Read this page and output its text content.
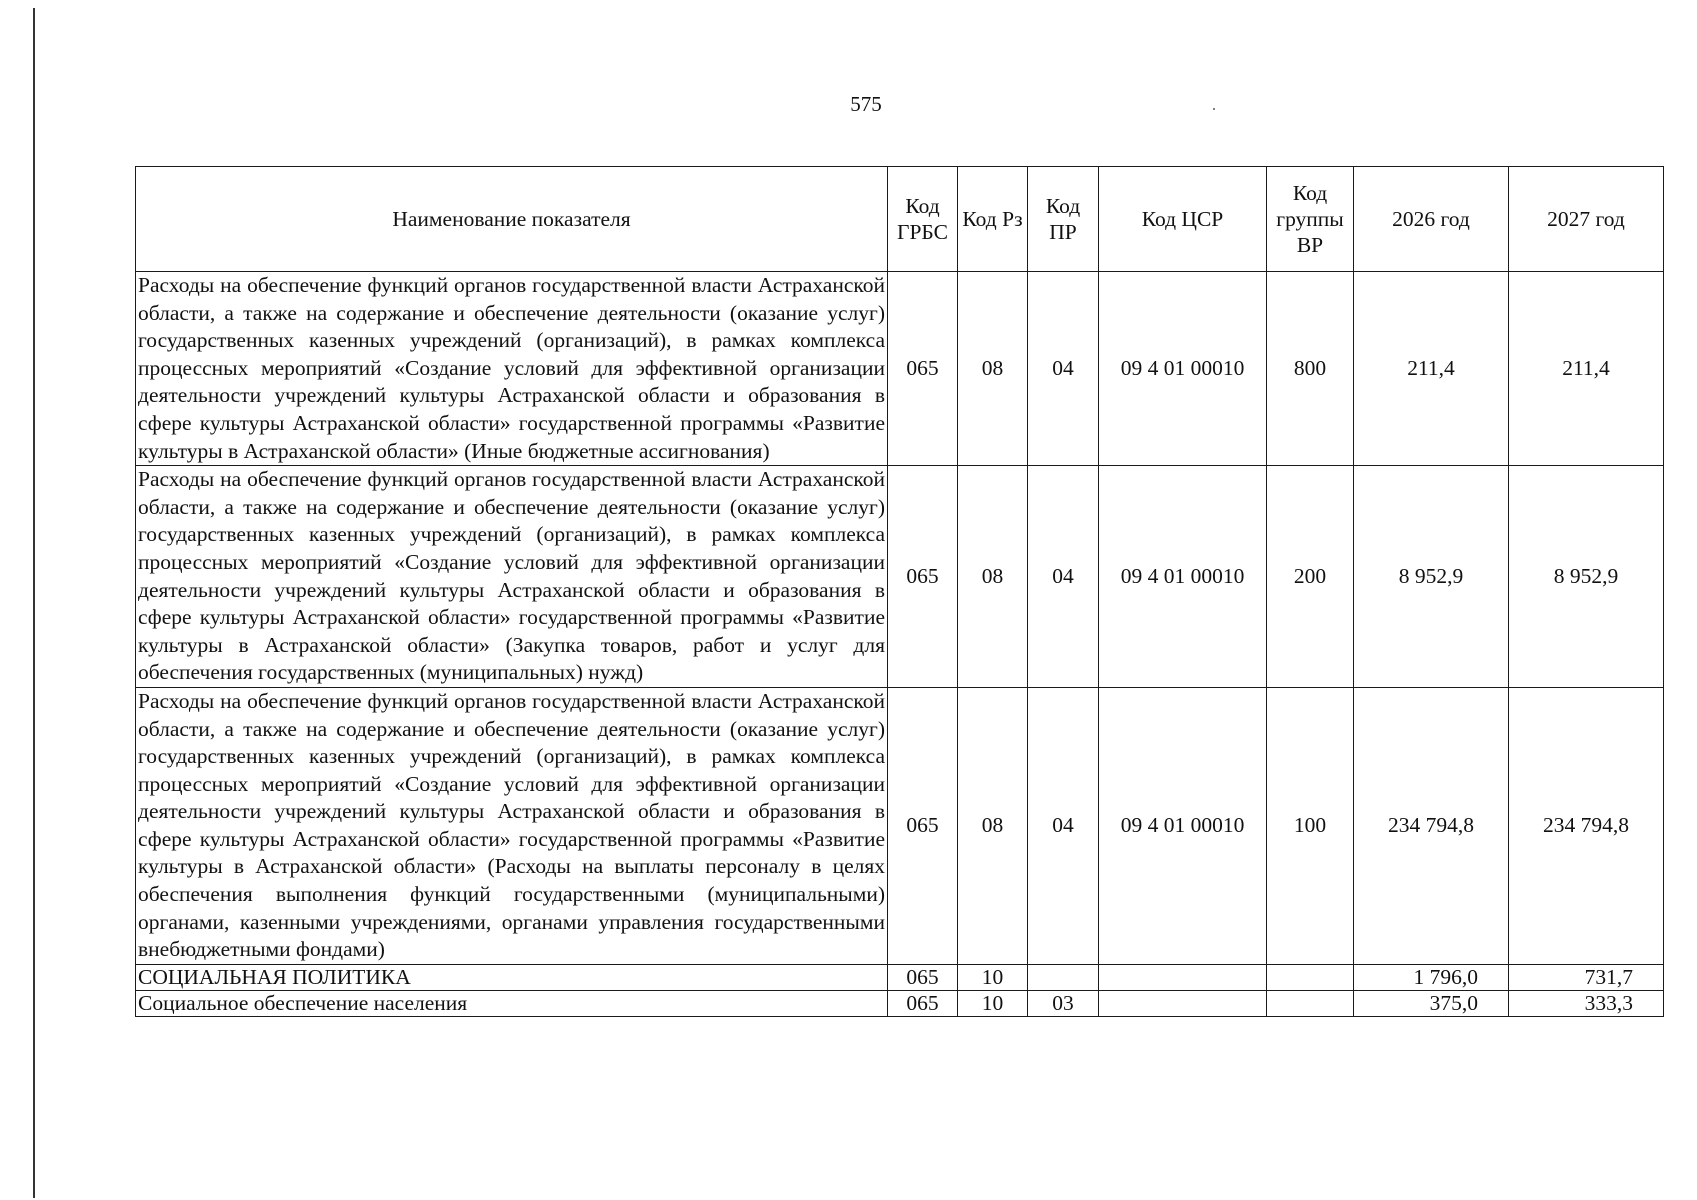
575
Наименование показателя	Код ГРБС	Код Рз	Код ПР	Код ЦСР	Код группы ВР	2026 год	2027 год
Расходы на обеспечение функций органов государственной власти Астраханской области, а также на содержание и обеспечение деятельности (оказание услуг) государственных казенных учреждений (организаций), в рамках комплекса процессных мероприятий «Создание условий для эффективной организации деятельности учреждений культуры Астраханской области и образования в сфере культуры Астраханской области» государственной программы «Развитие культуры в Астраханской области» (Иные бюджетные ассигнования)	065	08	04	09 4 01 00010	800	211,4	211,4
Расходы на обеспечение функций органов государственной власти Астраханской области, а также на содержание и обеспечение деятельности (оказание услуг) государственных казенных учреждений (организаций), в рамках комплекса процессных мероприятий «Создание условий для эффективной организации деятельности учреждений культуры Астраханской области и образования в сфере культуры Астраханской области» государственной программы «Развитие культуры в Астраханской области» (Закупка товаров, работ и услуг для обеспечения государственных (муниципальных) нужд)	065	08	04	09 4 01 00010	200	8 952,9	8 952,9
Расходы на обеспечение функций органов государственной власти Астраханской области, а также на содержание и обеспечение деятельности (оказание услуг) государственных казенных учреждений (организаций), в рамках комплекса процессных мероприятий «Создание условий для эффективной организации деятельности учреждений культуры Астраханской области и образования в сфере культуры Астраханской области» государственной программы «Развитие культуры в Астраханской области» (Расходы на выплаты персоналу в целях обеспечения выполнения функций государственными (муниципальными) органами, казенными учреждениями, органами управления государственными внебюджетными фондами)	065	08	04	09 4 01 00010	100	234 794,8	234 794,8
СОЦИАЛЬНАЯ ПОЛИТИКА	065	10				1 796,0	731,7
Социальное обеспечение населения	065	10	03			375,0	333,3
